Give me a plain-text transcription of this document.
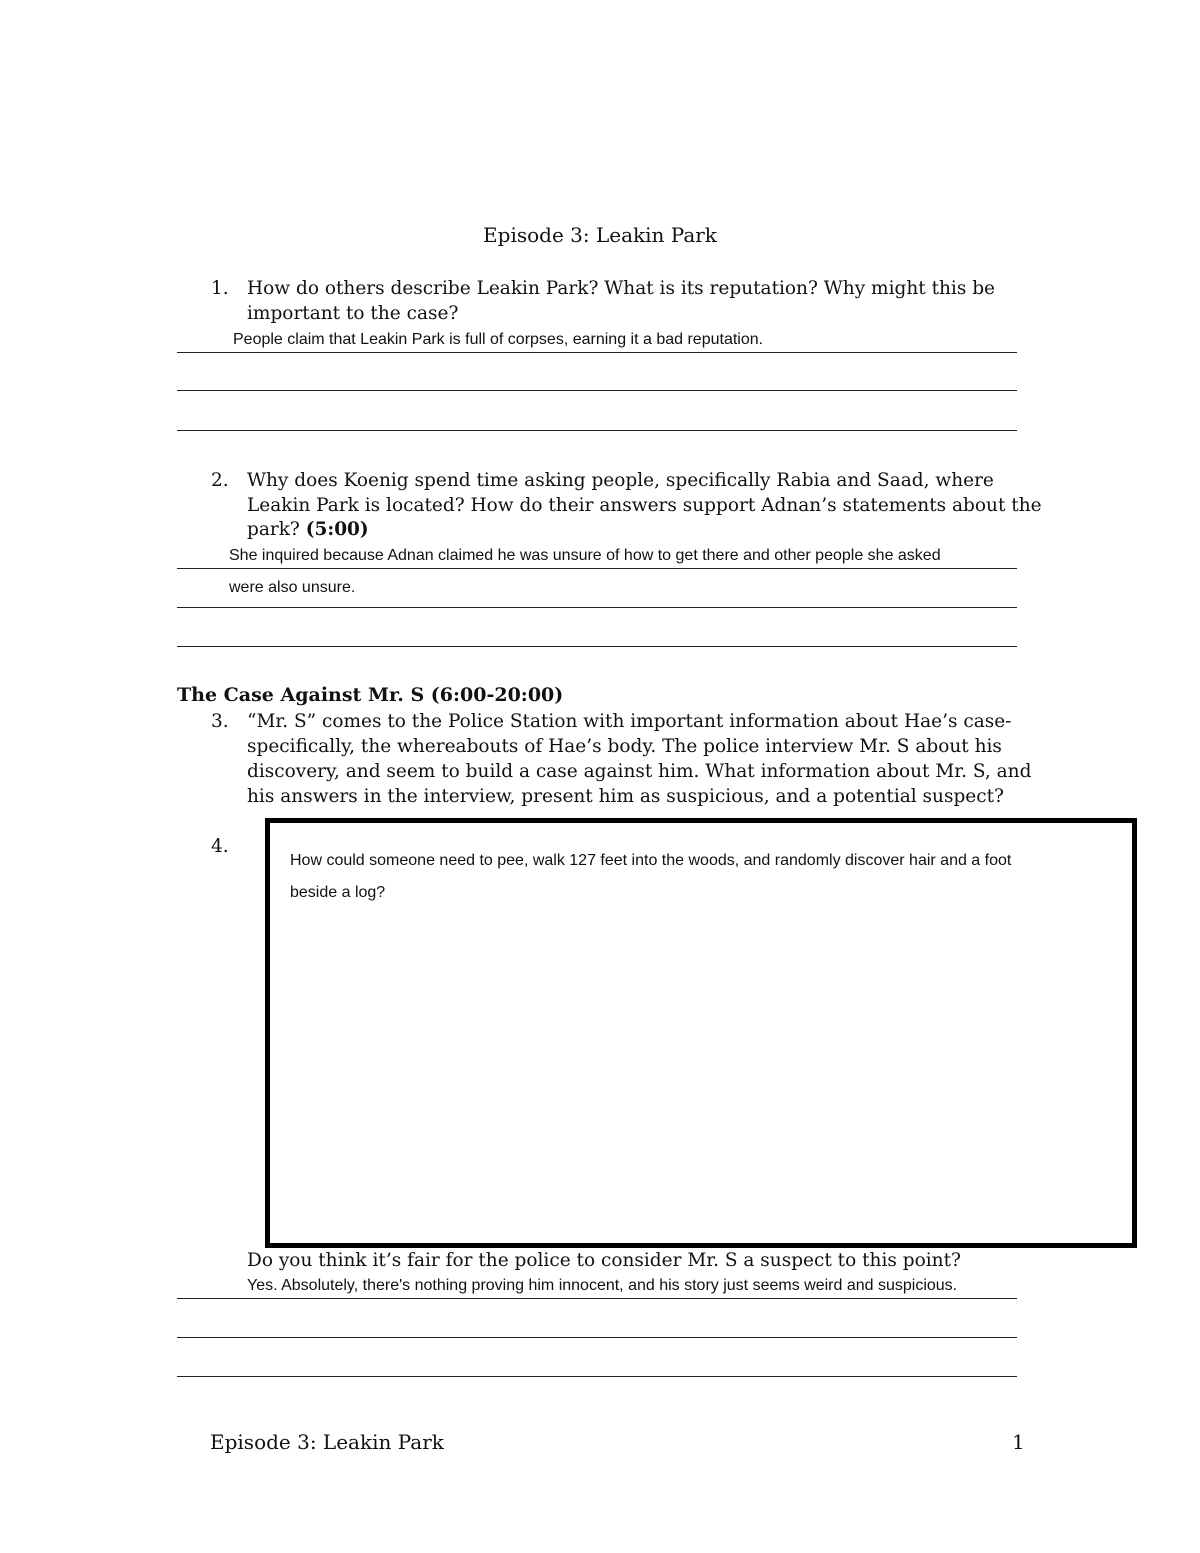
Episode 3: Leakin Park
1. How do others describe Leakin Park? What is its reputation? Why might this be
important to the case?
People claim that Leakin Park is full of corpses, earning it a bad reputation.
2. Why does Koenig spend time asking people, specifically Rabia and Saad, where
Leakin Park is located? How do their answers support Adnan’s statements about the
park? (5:00)
She inquired because Adnan claimed he was unsure of how to get there and other people she asked
were also unsure.
The Case Against Mr. S (6:00-20:00)
3. “Mr. S” comes to the Police Station with important information about Hae’s case-
specifically, the whereabouts of Hae’s body. The police interview Mr. S about his
discovery, and seem to build a case against him. What information about Mr. S, and
his answers in the interview, present him as suspicious, and a potential suspect?
4.
How could someone need to pee, walk 127 feet into the woods, and randomly discover hair and a foot
beside a log?
Do you think it’s fair for the police to consider Mr. S a suspect to this point?
Yes. Absolutely, there's nothing proving him innocent, and his story just seems weird and suspicious.
Episode 3: Leakin Park	1
